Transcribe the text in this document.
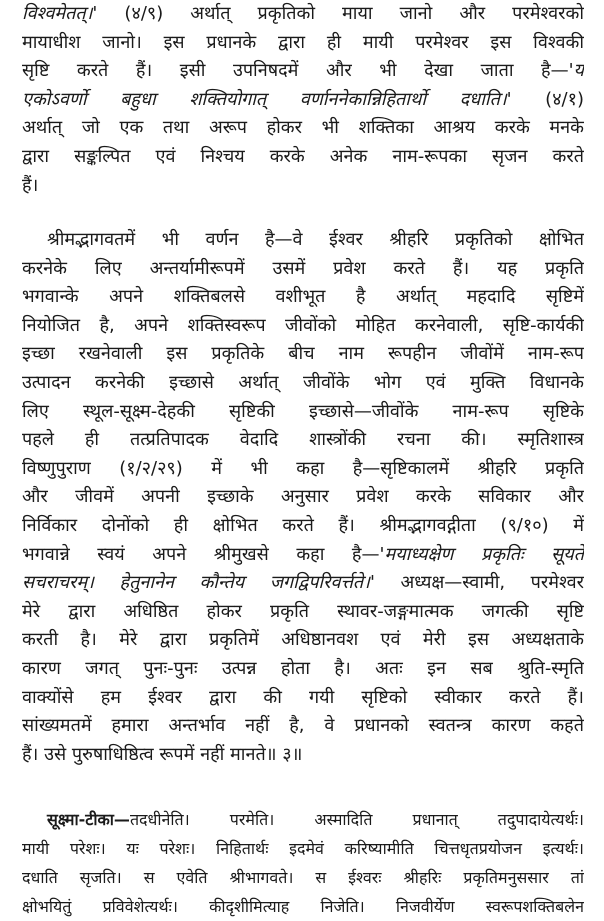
विश्वमेतत्।' (४/९) अर्थात् प्रकृतिको माया जानो और परमेश्वरको
मायाधीश जानो। इस प्रधानके द्वारा ही मायी परमेश्वर इस विश्वकी
सृष्टि करते हैं। इसी उपनिषदमें और भी देखा जाता है—'य
एकोऽवर्णो बहुधा शक्तियोगात् वर्णाननेकान्निहितार्थो दधाति।' (४/१)
अर्थात् जो एक तथा अरूप होकर भी शक्तिका आश्रय करके मनके
द्वारा सङ्कल्पित एवं निश्चय करके अनेक नाम-रूपका सृजन करते
हैं।
श्रीमद्भागवतमें भी वर्णन है—वे ईश्वर श्रीहरि प्रकृतिको क्षोभित
करनेके लिए अन्तर्यामीरूपमें उसमें प्रवेश करते हैं। यह प्रकृति
भगवान्के अपने शक्तिबलसे वशीभूत है अर्थात् महदादि सृष्टिमें
नियोजित है, अपने शक्तिस्वरूप जीवोंको मोहित करनेवाली, सृष्टि-कार्यकी
इच्छा रखनेवाली इस प्रकृतिके बीच नाम रूपहीन जीवोंमें नाम-रूप
उत्पादन करनेकी इच्छासे अर्थात् जीवोंके भोग एवं मुक्ति विधानके
लिए स्थूल-सूक्ष्म-देहकी सृष्टिकी इच्छासे—जीवोंके नाम-रूप सृष्टिके
पहले ही तत्प्रतिपादक वेदादि शास्त्रोंकी रचना की। स्मृतिशास्त्र
विष्णुपुराण (१/२/२९) में भी कहा है—सृष्टिकालमें श्रीहरि प्रकृति
और जीवमें अपनी इच्छाके अनुसार प्रवेश करके सविकार और
निर्विकार दोनोंको ही क्षोभित करते हैं। श्रीमद्भागवद्गीता (९/१०) में
भगवान्ने स्वयं अपने श्रीमुखसे कहा है—'मयाध्यक्षेण प्रकृतिः सूयते
सचराचरम्। हेतुनानेन कौन्तेय जगद्विपरिवर्त्तते।' अध्यक्ष—स्वामी, परमेश्वर
मेरे द्वारा अधिष्ठित होकर प्रकृति स्थावर-जङ्गमात्मक जगत्की सृष्टि
करती है। मेरे द्वारा प्रकृतिमें अधिष्ठानवश एवं मेरी इस अध्यक्षताके
कारण जगत् पुनः-पुनः उत्पन्न होता है। अतः इन सब श्रुति-स्मृति
वाक्योंसे हम ईश्वर द्वारा की गयी सृष्टिको स्वीकार करते हैं।
सांख्यमतमें हमारा अन्तर्भाव नहीं है, वे प्रधानको स्वतन्त्र कारण कहते
हैं। उसे पुरुषाधिष्ठित्व रूपमें नहीं मानते॥ ३॥
सूक्ष्मा-टीका—तदधीनेति। परमेति। अस्मादिति प्रधानात् तदुपादायेत्यर्थः।
मायी परेशः। यः परेशः। निहितार्थः इदमेवं करिष्यामीति चित्तधृतप्रयोजन इत्यर्थः।
दधाति सृजति। स एवेति श्रीभागवते। स ईश्वरः श्रीहरिः प्रकृतिमनुससार तां
क्षोभयितुं प्रविवेशेत्यर्थः। कीदृशीमित्याह निजेति। निजवीर्येण स्वरूपशक्तिबलेन
